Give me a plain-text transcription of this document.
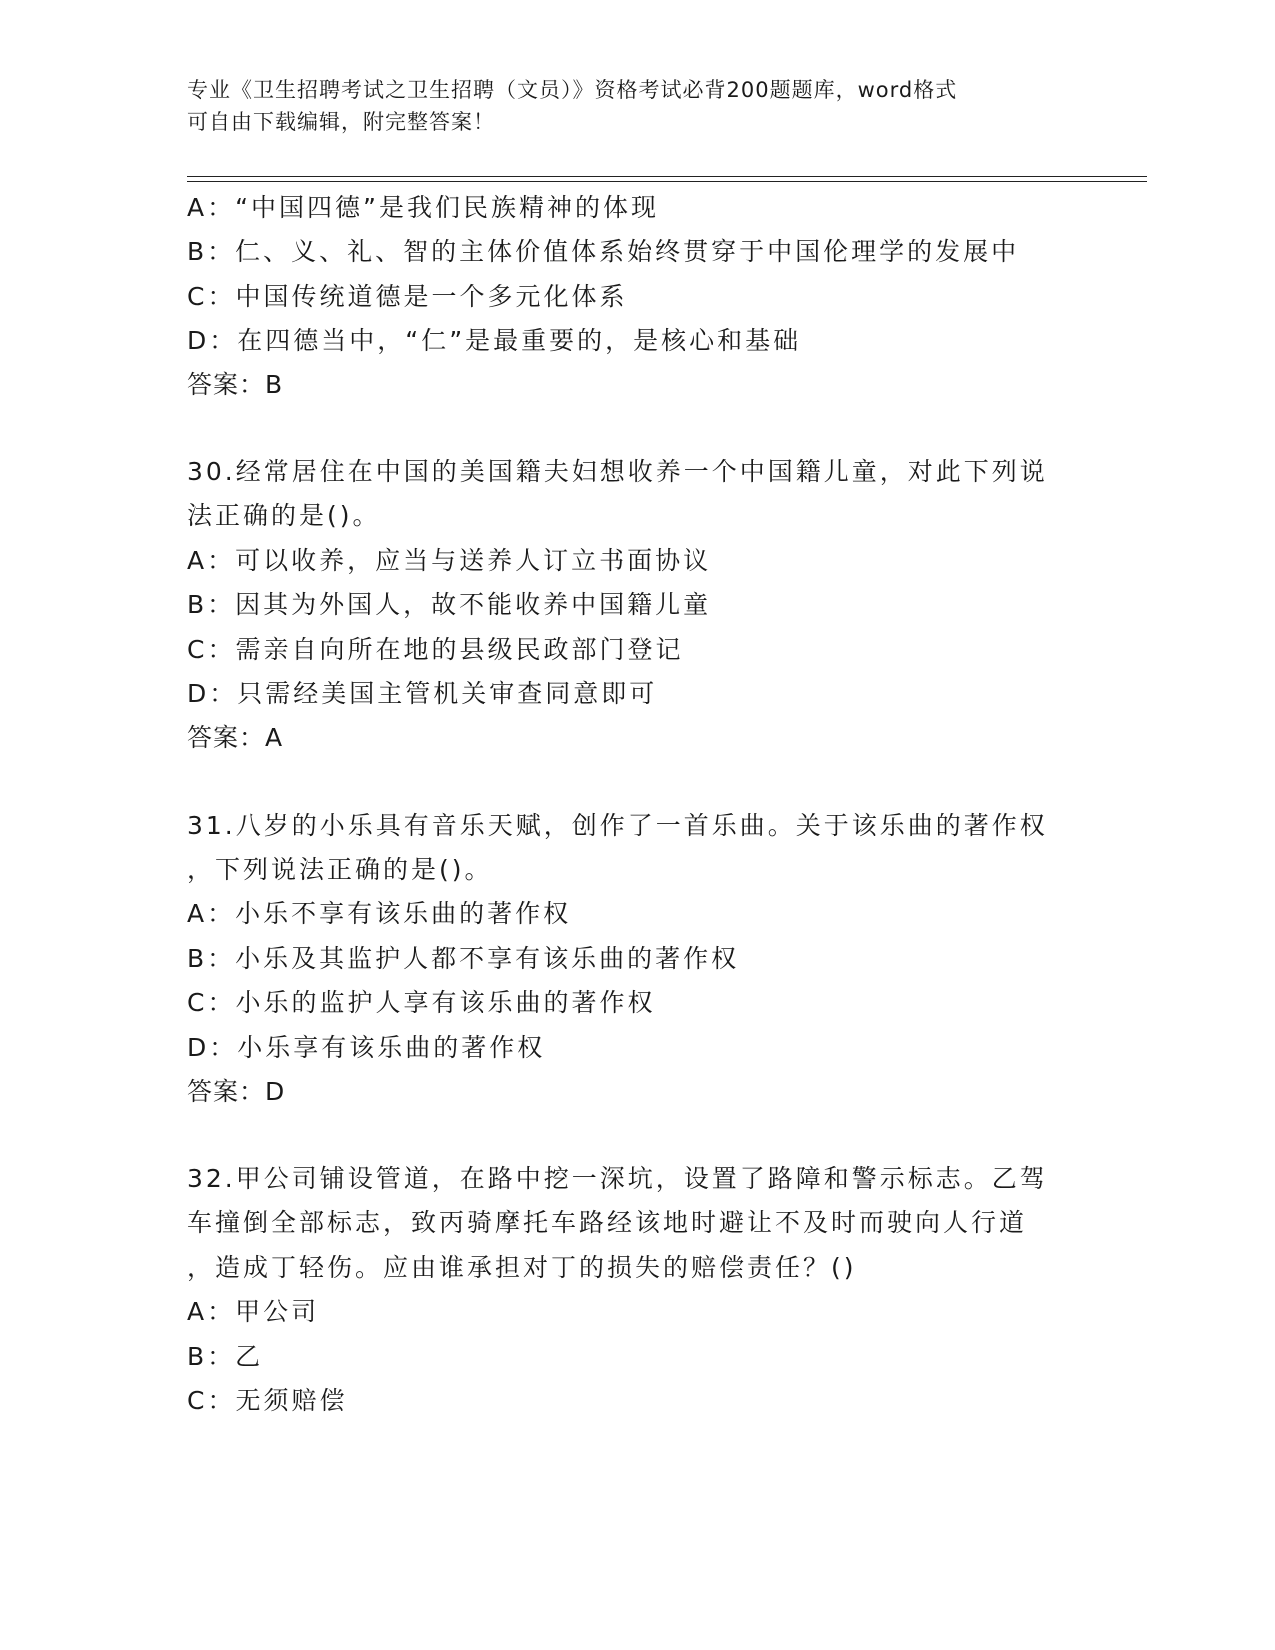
专业《卫生招聘考试之卫生招聘（文员）》资格考试必背200题题库，word格式
可自由下载编辑，附完整答案！
A：“中国四德”是我们民族精神的体现
B：仁、义、礼、智的主体价值体系始终贯穿于中国伦理学的发展中
C：中国传统道德是一个多元化体系
D：在四德当中，“仁”是最重要的，是核心和基础
答案：B
30.经常居住在中国的美国籍夫妇想收养一个中国籍儿童，对此下列说
法正确的是()。
A：可以收养，应当与送养人订立书面协议
B：因其为外国人，故不能收养中国籍儿童
C：需亲自向所在地的县级民政部门登记
D：只需经美国主管机关审查同意即可
答案：A
31.八岁的小乐具有音乐天赋，创作了一首乐曲。关于该乐曲的著作权
，下列说法正确的是()。
A：小乐不享有该乐曲的著作权
B：小乐及其监护人都不享有该乐曲的著作权
C：小乐的监护人享有该乐曲的著作权
D：小乐享有该乐曲的著作权
答案：D
32.甲公司铺设管道，在路中挖一深坑，设置了路障和警示标志。乙驾
车撞倒全部标志，致丙骑摩托车路经该地时避让不及时而驶向人行道
，造成丁轻伤。应由谁承担对丁的损失的赔偿责任？()
A：甲公司
B：乙
C：无须赔偿
